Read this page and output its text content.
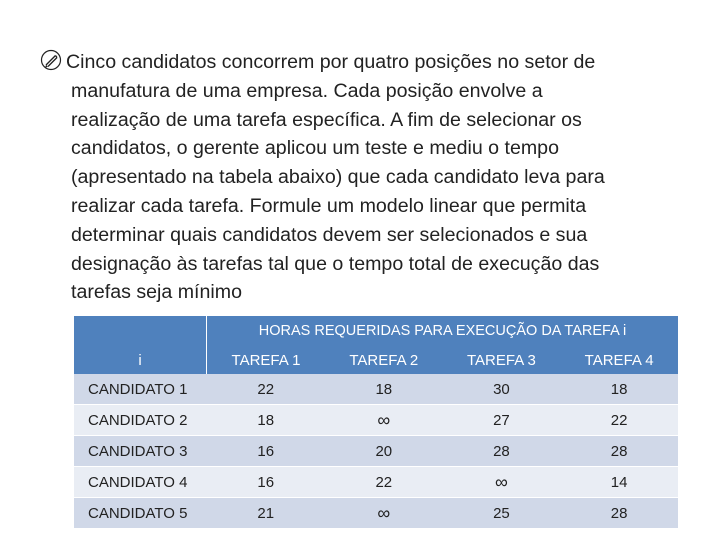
Cinco candidatos concorrem por quatro posições no setor de
manufatura de uma empresa. Cada posição envolve a
realização de uma tarefa específica. A fim de selecionar os
candidatos, o gerente aplicou um teste e mediu o tempo
(apresentado na tabela abaixo) que cada candidato leva para
realizar cada tarefa. Formule um modelo linear que permita
determinar quais candidatos devem ser selecionados e sua
designação às tarefas tal que o tempo total de execução das
tarefas seja mínimo
	HORAS REQUERIDAS PARA EXECUÇÃO DA TAREFA i			
i	TAREFA 1	TAREFA 2	TAREFA 3	TAREFA 4
CANDIDATO 1	22	18	30	18
CANDIDATO 2	18	∞	27	22
CANDIDATO 3	16	20	28	28
CANDIDATO 4	16	22	∞	14
CANDIDATO 5	21	∞	25	28
